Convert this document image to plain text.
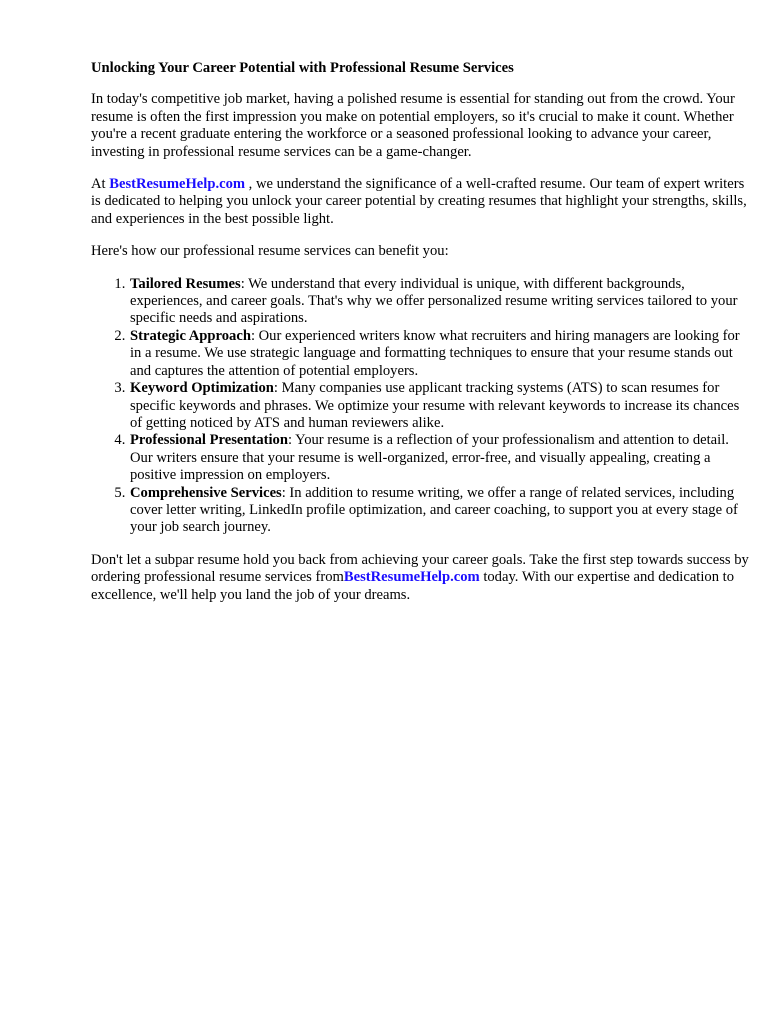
Unlocking Your Career Potential with Professional Resume Services

In today's competitive job market, having a polished resume is essential for standing out from the crowd. Your resume is often the first impression you make on potential employers, so it's crucial to make it count. Whether you're a recent graduate entering the workforce or a seasoned professional looking to advance your career, investing in professional resume services can be a game-changer.

At BestResumeHelp.com , we understand the significance of a well-crafted resume. Our team of expert writers is dedicated to helping you unlock your career potential by creating resumes that highlight your strengths, skills, and experiences in the best possible light.

Here's how our professional resume services can benefit you:

1. Tailored Resumes: We understand that every individual is unique, with different backgrounds, experiences, and career goals. That's why we offer personalized resume writing services tailored to your specific needs and aspirations.
2. Strategic Approach: Our experienced writers know what recruiters and hiring managers are looking for in a resume. We use strategic language and formatting techniques to ensure that your resume stands out and captures the attention of potential employers.
3. Keyword Optimization: Many companies use applicant tracking systems (ATS) to scan resumes for specific keywords and phrases. We optimize your resume with relevant keywords to increase its chances of getting noticed by ATS and human reviewers alike.
4. Professional Presentation: Your resume is a reflection of your professionalism and attention to detail. Our writers ensure that your resume is well-organized, error-free, and visually appealing, creating a positive impression on employers.
5. Comprehensive Services: In addition to resume writing, we offer a range of related services, including cover letter writing, LinkedIn profile optimization, and career coaching, to support you at every stage of your job search journey.

Don't let a subpar resume hold you back from achieving your career goals. Take the first step towards success by ordering professional resume services fromBestResumeHelp.com today. With our expertise and dedication to excellence, we'll help you land the job of your dreams.
